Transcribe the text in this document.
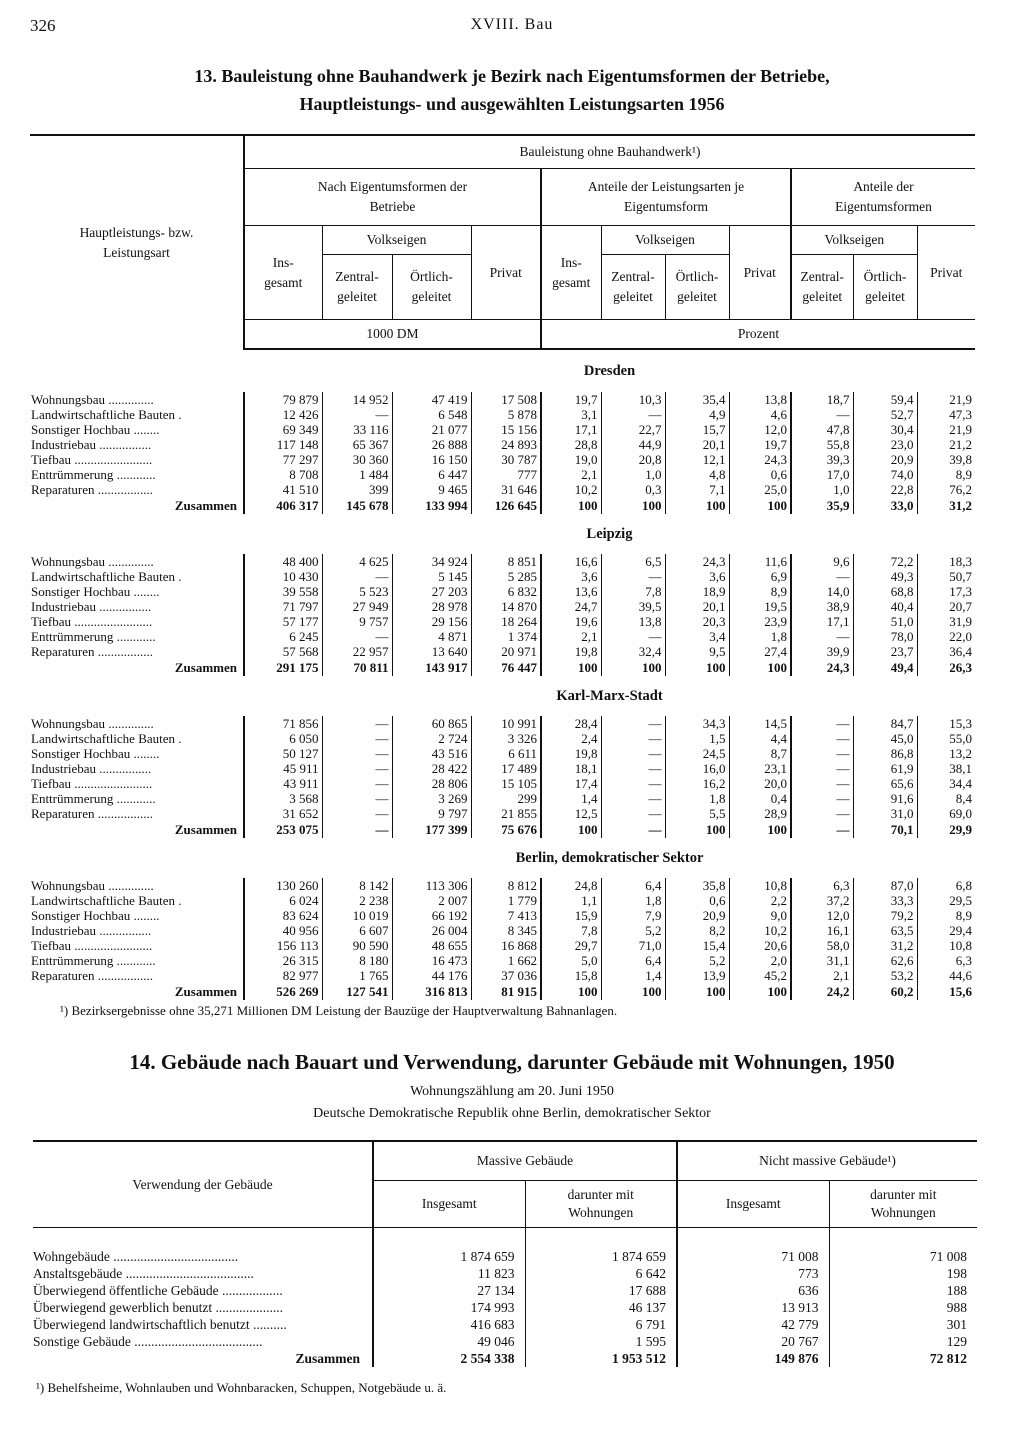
326	XVIII. Bau
13. Bauleistung ohne Bauhandwerk je Bezirk nach Eigentumsformen der Betriebe,
Hauptleistungs- und ausgewählten Leistungsarten 1956
Hauptleistungs- bzw. Leistungsart	Bauleistung ohne Bauhandwerk¹)										
	Nach Eigentumsformen der Betriebe				Anteile der Leistungsarten je Eigentumsform				Anteile der Eigentumsformen		
	Ins- gesamt	Volkseigen		Privat	Ins- gesamt	Volkseigen		Privat	Volkseigen		Privat
		Zentral- geleitet	Örtlich- geleitet			Zentral- geleitet	Örtlich- geleitet		Zentral- geleitet	Örtlich- geleitet	
	1000 DM				Prozent						
	Dresden										
Wohnungsbau ..............	79 879	14 952	47 419	17 508	19,7	10,3	35,4	13,8	18,7	59,4	21,9
Landwirtschaftliche Bauten .	12 426	—	6 548	5 878	3,1	—	4,9	4,6	—	52,7	47,3
Sonstiger Hochbau ........	69 349	33 116	21 077	15 156	17,1	22,7	15,7	12,0	47,8	30,4	21,9
Industriebau ................	117 148	65 367	26 888	24 893	28,8	44,9	20,1	19,7	55,8	23,0	21,2
Tiefbau ........................	77 297	30 360	16 150	30 787	19,0	20,8	12,1	24,3	39,3	20,9	39,8
Enttrümmerung ............	8 708	1 484	6 447	777	2,1	1,0	4,8	0,6	17,0	74,0	8,9
Reparaturen .................	41 510	399	9 465	31 646	10,2	0,3	7,1	25,0	1,0	22,8	76,2
Zusammen	406 317	145 678	133 994	126 645	100	100	100	100	35,9	33,0	31,2
	Leipzig										
Wohnungsbau ..............	48 400	4 625	34 924	8 851	16,6	6,5	24,3	11,6	9,6	72,2	18,3
Landwirtschaftliche Bauten .	10 430	—	5 145	5 285	3,6	—	3,6	6,9	—	49,3	50,7
Sonstiger Hochbau ........	39 558	5 523	27 203	6 832	13,6	7,8	18,9	8,9	14,0	68,8	17,3
Industriebau ................	71 797	27 949	28 978	14 870	24,7	39,5	20,1	19,5	38,9	40,4	20,7
Tiefbau ........................	57 177	9 757	29 156	18 264	19,6	13,8	20,3	23,9	17,1	51,0	31,9
Enttrümmerung ............	6 245	—	4 871	1 374	2,1	—	3,4	1,8	—	78,0	22,0
Reparaturen .................	57 568	22 957	13 640	20 971	19,8	32,4	9,5	27,4	39,9	23,7	36,4
Zusammen	291 175	70 811	143 917	76 447	100	100	100	100	24,3	49,4	26,3
	Karl-Marx-Stadt										
Wohnungsbau ..............	71 856	—	60 865	10 991	28,4	—	34,3	14,5	—	84,7	15,3
Landwirtschaftliche Bauten .	6 050	—	2 724	3 326	2,4	—	1,5	4,4	—	45,0	55,0
Sonstiger Hochbau ........	50 127	—	43 516	6 611	19,8	—	24,5	8,7	—	86,8	13,2
Industriebau ................	45 911	—	28 422	17 489	18,1	—	16,0	23,1	—	61,9	38,1
Tiefbau ........................	43 911	—	28 806	15 105	17,4	—	16,2	20,0	—	65,6	34,4
Enttrümmerung ............	3 568	—	3 269	299	1,4	—	1,8	0,4	—	91,6	8,4
Reparaturen .................	31 652	—	9 797	21 855	12,5	—	5,5	28,9	—	31,0	69,0
Zusammen	253 075	—	177 399	75 676	100	—	100	100	—	70,1	29,9
	Berlin, demokratischer Sektor										
Wohnungsbau ..............	130 260	8 142	113 306	8 812	24,8	6,4	35,8	10,8	6,3	87,0	6,8
Landwirtschaftliche Bauten .	6 024	2 238	2 007	1 779	1,1	1,8	0,6	2,2	37,2	33,3	29,5
Sonstiger Hochbau ........	83 624	10 019	66 192	7 413	15,9	7,9	20,9	9,0	12,0	79,2	8,9
Industriebau ................	40 956	6 607	26 004	8 345	7,8	5,2	8,2	10,2	16,1	63,5	29,4
Tiefbau ........................	156 113	90 590	48 655	16 868	29,7	71,0	15,4	20,6	58,0	31,2	10,8
Enttrümmerung ............	26 315	8 180	16 473	1 662	5,0	6,4	5,2	2,0	31,1	62,6	6,3
Reparaturen .................	82 977	1 765	44 176	37 036	15,8	1,4	13,9	45,2	2,1	53,2	44,6
Zusammen	526 269	127 541	316 813	81 915	100	100	100	100	24,2	60,2	15,6
¹) Bezirksergebnisse ohne 35,271 Millionen DM Leistung der Bauzüge der Hauptverwaltung Bahnanlagen.
14. Gebäude nach Bauart und Verwendung, darunter Gebäude mit Wohnungen, 1950
Wohnungszählung am 20. Juni 1950
Deutsche Demokratische Republik ohne Berlin, demokratischer Sektor
Verwendung der Gebäude	Massive Gebäude		Nicht massive Gebäude¹)	
	Insgesamt	darunter mit Wohnungen	Insgesamt	darunter mit Wohnungen

Wohngebäude .....................................	1 874 659	1 874 659	71 008	71 008
Anstaltsgebäude ......................................	11 823	6 642	773	198
Überwiegend öffentliche Gebäude ..................	27 134	17 688	636	188
Überwiegend gewerblich benutzt ....................	174 993	46 137	13 913	988
Überwiegend landwirtschaftlich benutzt ..........	416 683	6 791	42 779	301
Sonstige Gebäude ......................................	49 046	1 595	20 767	129
Zusammen	2 554 338	1 953 512	149 876	72 812
¹) Behelfsheime, Wohnlauben und Wohnbaracken, Schuppen, Notgebäude u. ä.
